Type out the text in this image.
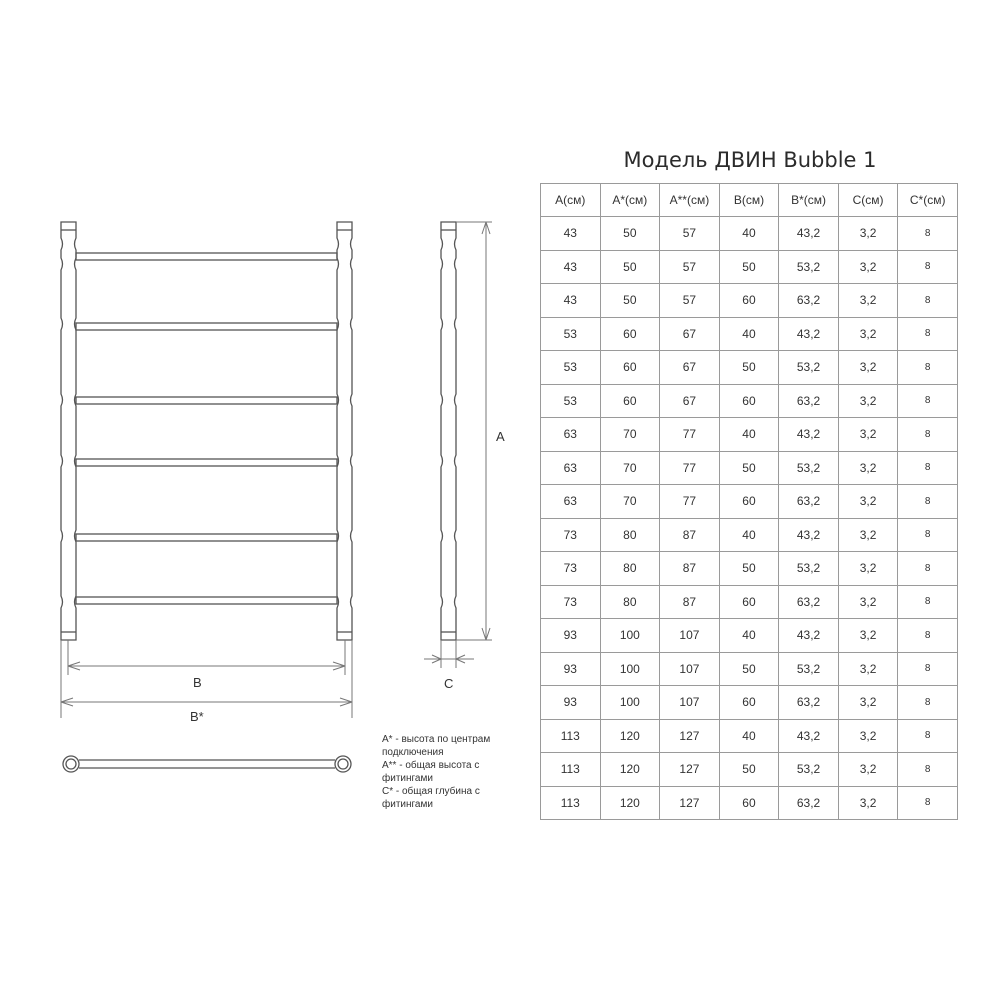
B
B*
A
C
Модель ДВИН Bubble 1
A(см)	A*(см)	A**(см)	B(см)	B*(см)	C(см)	C*(см)
43	50	57	40	43,2	3,2	8
43	50	57	50	53,2	3,2	8
43	50	57	60	63,2	3,2	8
53	60	67	40	43,2	3,2	8
53	60	67	50	53,2	3,2	8
53	60	67	60	63,2	3,2	8
63	70	77	40	43,2	3,2	8
63	70	77	50	53,2	3,2	8
63	70	77	60	63,2	3,2	8
73	80	87	40	43,2	3,2	8
73	80	87	50	53,2	3,2	8
73	80	87	60	63,2	3,2	8
93	100	107	40	43,2	3,2	8
93	100	107	50	53,2	3,2	8
93	100	107	60	63,2	3,2	8
113	120	127	40	43,2	3,2	8
113	120	127	50	53,2	3,2	8
113	120	127	60	63,2	3,2	8
A* - высота по центрам подключения
A** - общая высота с фитингами
C* - общая глубина с фитингами
